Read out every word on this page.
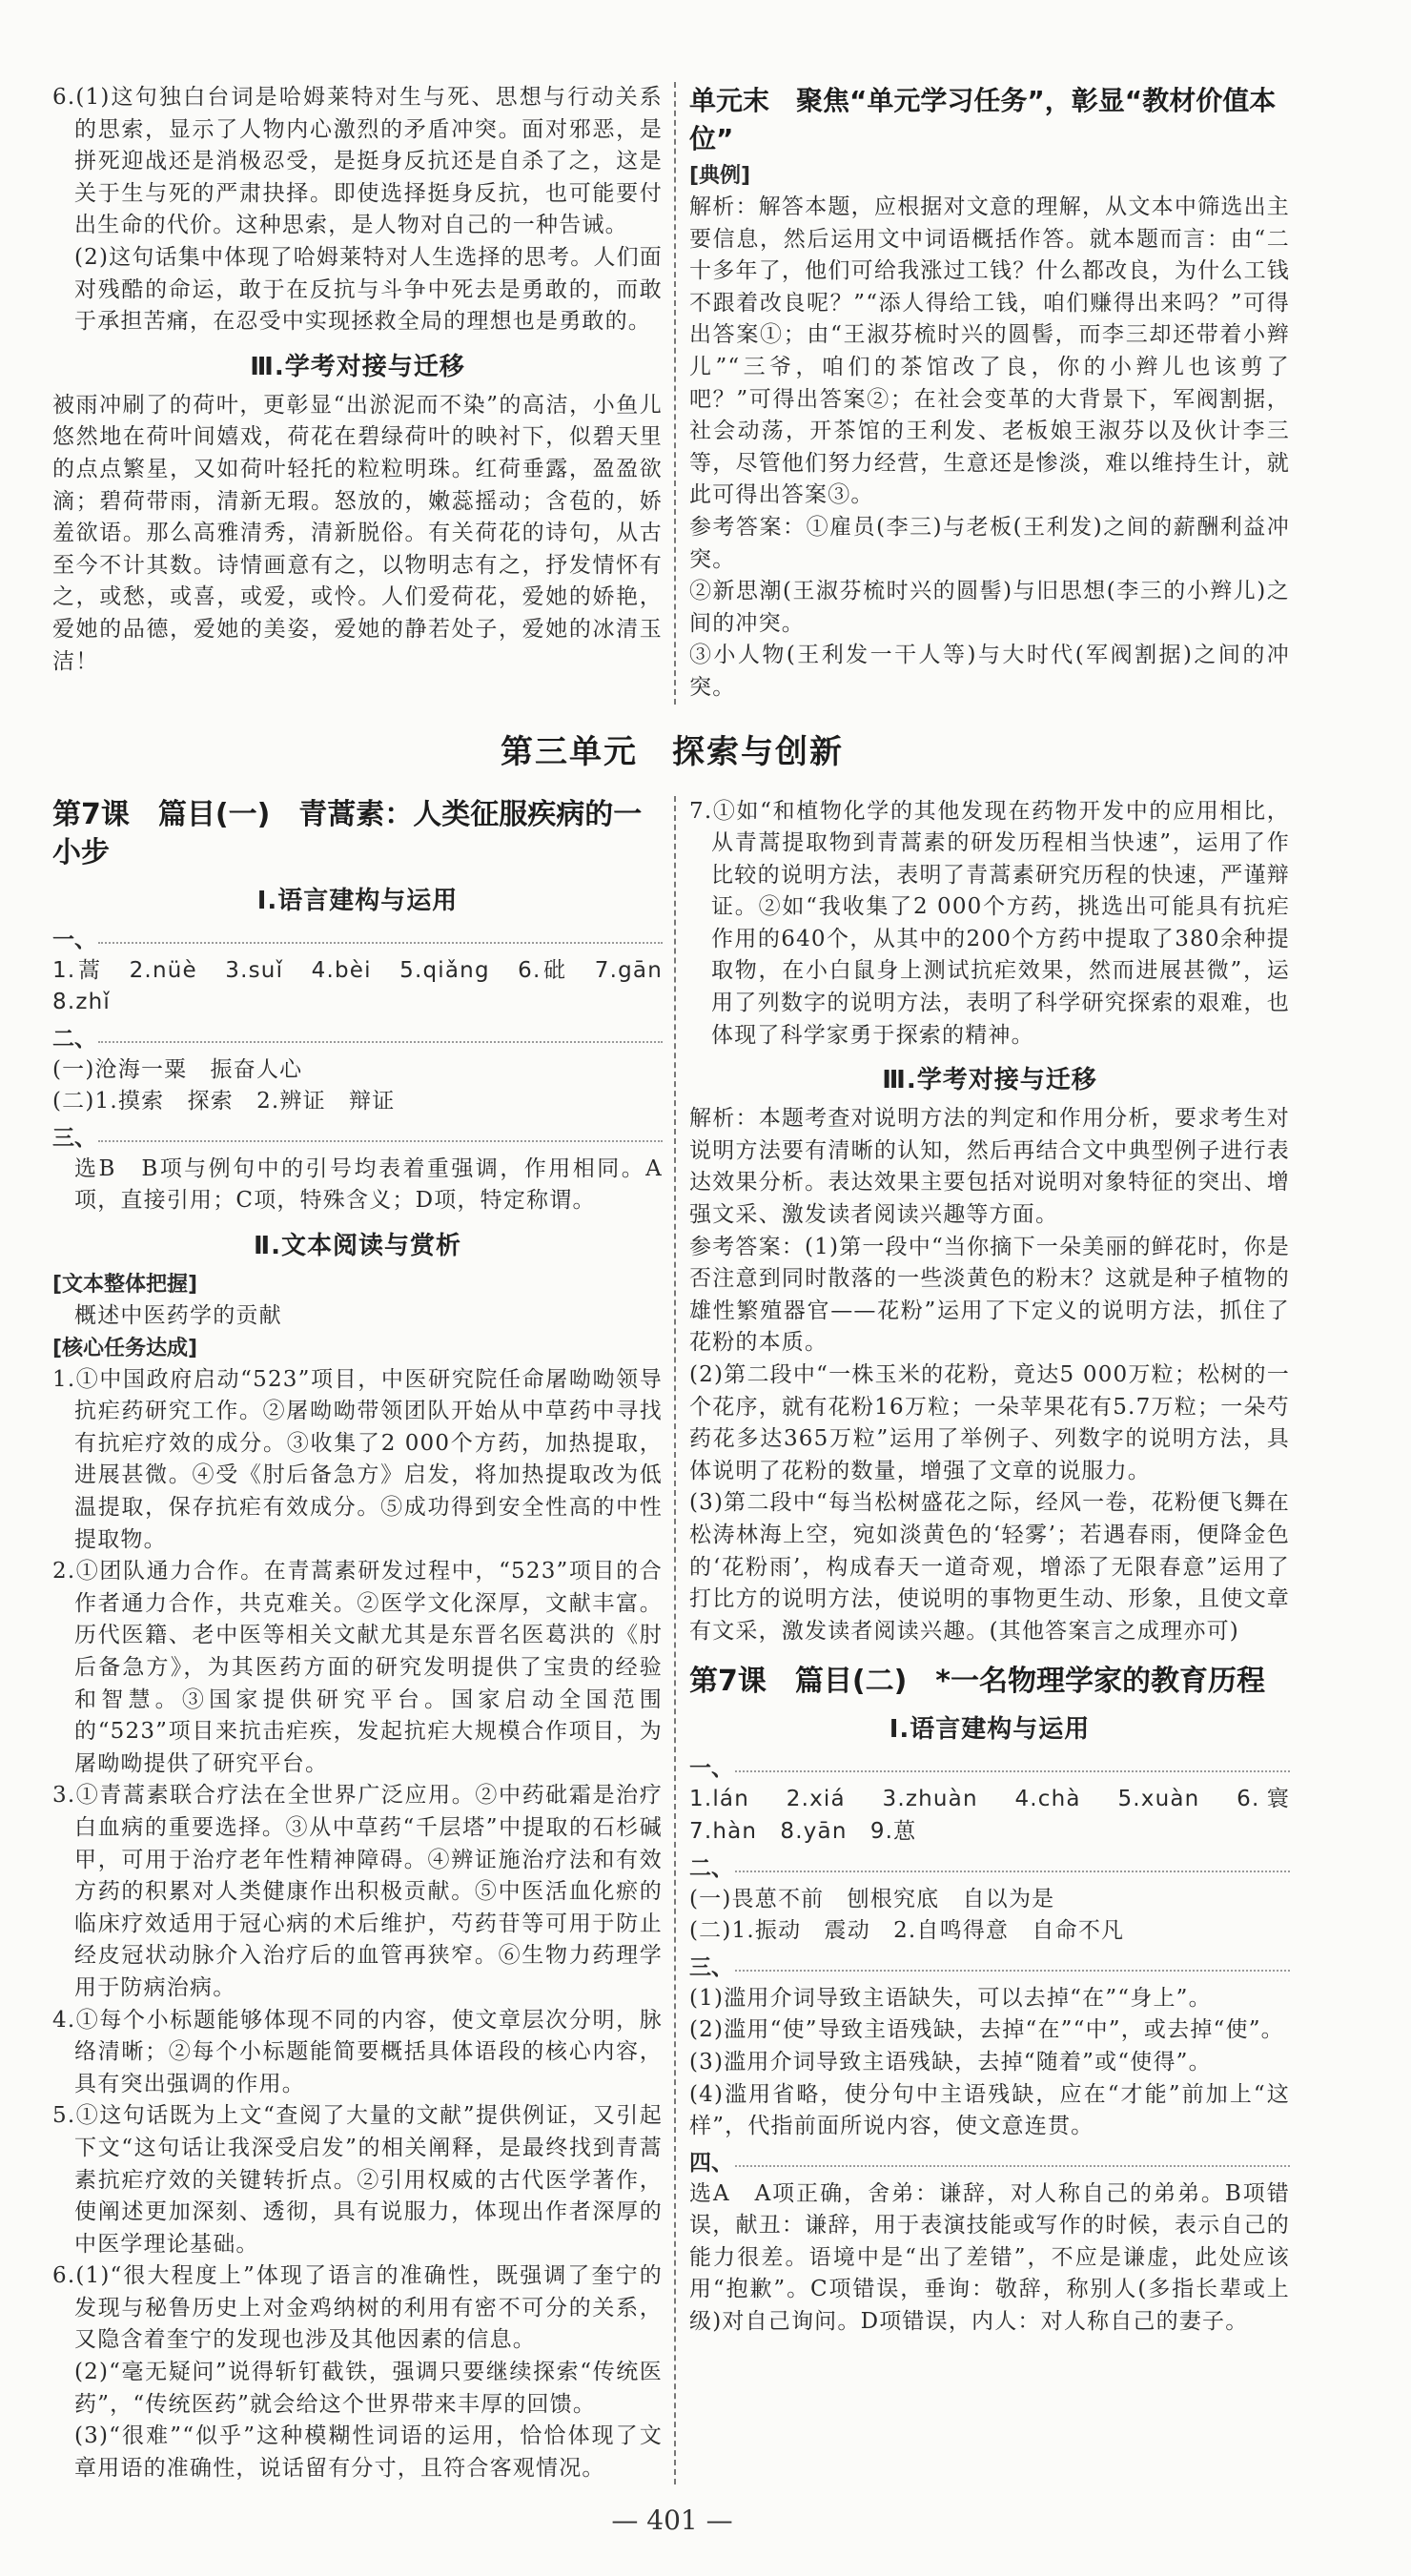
6.(1)这句独白台词是哈姆莱特对生与死、思想与行动关系的思索，显示了人物内心激烈的矛盾冲突。面对邪恶，是拼死迎战还是消极忍受，是挺身反抗还是自杀了之，这是关于生与死的严肃抉择。即使选择挺身反抗，也可能要付出生命的代价。这种思索，是人物对自己的一种告诫。

(2)这句话集中体现了哈姆莱特对人生选择的思考。人们面对残酷的命运，敢于在反抗与斗争中死去是勇敢的，而敢于承担苦痛，在忍受中实现拯救全局的理想也是勇敢的。

Ⅲ.学考对接与迁移

被雨冲刷了的荷叶，更彰显“出淤泥而不染”的高洁，小鱼儿悠然地在荷叶间嬉戏，荷花在碧绿荷叶的映衬下，似碧天里的点点繁星，又如荷叶轻托的粒粒明珠。红荷垂露，盈盈欲滴；碧荷带雨，清新无瑕。怒放的，嫩蕊摇动；含苞的，娇羞欲语。那么高雅清秀，清新脱俗。有关荷花的诗句，从古至今不计其数。诗情画意有之，以物明志有之，抒发情怀有之，或愁，或喜，或爱，或怜。人们爱荷花，爱她的娇艳，爱她的品德，爱她的美姿，爱她的静若处子，爱她的冰清玉洁！

单元末　聚焦“单元学习任务”，彰显“教材价值本位”
[典例]

解析：解答本题，应根据对文意的理解，从文本中筛选出主要信息，然后运用文中词语概括作答。就本题而言：由“二十多年了，他们可给我涨过工钱？什么都改良，为什么工钱不跟着改良呢？”“添人得给工钱，咱们赚得出来吗？”可得出答案①；由“王淑芬梳时兴的圆髻，而李三却还带着小辫儿”“三爷，咱们的茶馆改了良，你的小辫儿也该剪了吧？”可得出答案②；在社会变革的大背景下，军阀割据，社会动荡，开茶馆的王利发、老板娘王淑芬以及伙计李三等，尽管他们努力经营，生意还是惨淡，难以维持生计，就此可得出答案③。

参考答案：①雇员(李三)与老板(王利发)之间的薪酬利益冲突。

②新思潮(王淑芬梳时兴的圆髻)与旧思想(李三的小辫儿)之间的冲突。

③小人物(王利发一干人等)与大时代(军阀割据)之间的冲突。

第三单元　探索与创新
第7课　篇目(一)　青蒿素：人类征服疾病的一小步
Ⅰ.语言建构与运用
一、

1.蒿　2.nüè　3.suǐ　4.bèi　5.qiǎng　6.砒　7.gān　8.zhǐ

二、

(一)沧海一粟　振奋人心

(二)1.摸索　探索　2.辨证　辩证

三、

选B　B项与例句中的引号均表着重强调，作用相同。A项，直接引用；C项，特殊含义；D项，特定称谓。

Ⅱ.文本阅读与赏析
[文本整体把握]

概述中医药学的贡献

[核心任务达成]

1.①中国政府启动“523”项目，中医研究院任命屠呦呦领导抗疟药研究工作。②屠呦呦带领团队开始从中草药中寻找有抗疟疗效的成分。③收集了2 000个方药，加热提取，进展甚微。④受《肘后备急方》启发，将加热提取改为低温提取，保存抗疟有效成分。⑤成功得到安全性高的中性提取物。

2.①团队通力合作。在青蒿素研发过程中，“523”项目的合作者通力合作，共克难关。②医学文化深厚，文献丰富。历代医籍、老中医等相关文献尤其是东晋名医葛洪的《肘后备急方》，为其医药方面的研究发明提供了宝贵的经验和智慧。③国家提供研究平台。国家启动全国范围的“523”项目来抗击疟疾，发起抗疟大规模合作项目，为屠呦呦提供了研究平台。

3.①青蒿素联合疗法在全世界广泛应用。②中药砒霜是治疗白血病的重要选择。③从中草药“千层塔”中提取的石杉碱甲，可用于治疗老年性精神障碍。④辨证施治疗法和有效方药的积累对人类健康作出积极贡献。⑤中医活血化瘀的临床疗效适用于冠心病的术后维护，芍药苷等可用于防止经皮冠状动脉介入治疗后的血管再狭窄。⑥生物力药理学用于防病治病。

4.①每个小标题能够体现不同的内容，使文章层次分明，脉络清晰；②每个小标题能简要概括具体语段的核心内容，具有突出强调的作用。

5.①这句话既为上文“查阅了大量的文献”提供例证，又引起下文“这句话让我深受启发”的相关阐释，是最终找到青蒿素抗疟疗效的关键转折点。②引用权威的古代医学著作，使阐述更加深刻、透彻，具有说服力，体现出作者深厚的中医学理论基础。

6.(1)“很大程度上”体现了语言的准确性，既强调了奎宁的发现与秘鲁历史上对金鸡纳树的利用有密不可分的关系，又隐含着奎宁的发现也涉及其他因素的信息。

(2)“毫无疑问”说得斩钉截铁，强调只要继续探索“传统医药”，“传统医药”就会给这个世界带来丰厚的回馈。

(3)“很难”“似乎”这种模糊性词语的运用，恰恰体现了文章用语的准确性，说话留有分寸，且符合客观情况。

7.①如“和植物化学的其他发现在药物开发中的应用相比，从青蒿提取物到青蒿素的研发历程相当快速”，运用了作比较的说明方法，表明了青蒿素研究历程的快速，严谨辩证。②如“我收集了2 000个方药，挑选出可能具有抗疟作用的640个，从其中的200个方药中提取了380余种提取物，在小白鼠身上测试抗疟效果，然而进展甚微”，运用了列数字的说明方法，表明了科学研究探索的艰难，也体现了科学家勇于探索的精神。

Ⅲ.学考对接与迁移

解析：本题考查对说明方法的判定和作用分析，要求考生对说明方法要有清晰的认知，然后再结合文中典型例子进行表达效果分析。表达效果主要包括对说明对象特征的突出、增强文采、激发读者阅读兴趣等方面。

参考答案：(1)第一段中“当你摘下一朵美丽的鲜花时，你是否注意到同时散落的一些淡黄色的粉末？这就是种子植物的雄性繁殖器官——花粉”运用了下定义的说明方法，抓住了花粉的本质。

(2)第二段中“一株玉米的花粉，竟达5 000万粒；松树的一个花序，就有花粉16万粒；一朵苹果花有5.7万粒；一朵芍药花多达365万粒”运用了举例子、列数字的说明方法，具体说明了花粉的数量，增强了文章的说服力。

(3)第二段中“每当松树盛花之际，经风一卷，花粉便飞舞在松涛林海上空，宛如淡黄色的‘轻雾’；若遇春雨，便降金色的‘花粉雨’，构成春天一道奇观，增添了无限春意”运用了打比方的说明方法，使说明的事物更生动、形象，且使文章有文采，激发读者阅读兴趣。(其他答案言之成理亦可)

第7课　篇目(二)　*一名物理学家的教育历程
Ⅰ.语言建构与运用
一、

1.lán　2.xiá　3.zhuàn　4.chà　5.xuàn　6.寰　7.hàn　8.yān　9.葸

二、

(一)畏葸不前　刨根究底　自以为是

(二)1.振动　震动　2.自鸣得意　自命不凡

三、

(1)滥用介词导致主语缺失，可以去掉“在”“身上”。

(2)滥用“使”导致主语残缺，去掉“在”“中”，或去掉“使”。

(3)滥用介词导致主语残缺，去掉“随着”或“使得”。

(4)滥用省略，使分句中主语残缺，应在“才能”前加上“这样”，代指前面所说内容，使文意连贯。

四、

选A　A项正确，舍弟：谦辞，对人称自己的弟弟。B项错误，献丑：谦辞，用于表演技能或写作的时候，表示自己的能力很差。语境中是“出了差错”，不应是谦虚，此处应该用“抱歉”。C项错误，垂询：敬辞，称别人(多指长辈或上级)对自己询问。D项错误，内人：对人称自己的妻子。

— 401 —
